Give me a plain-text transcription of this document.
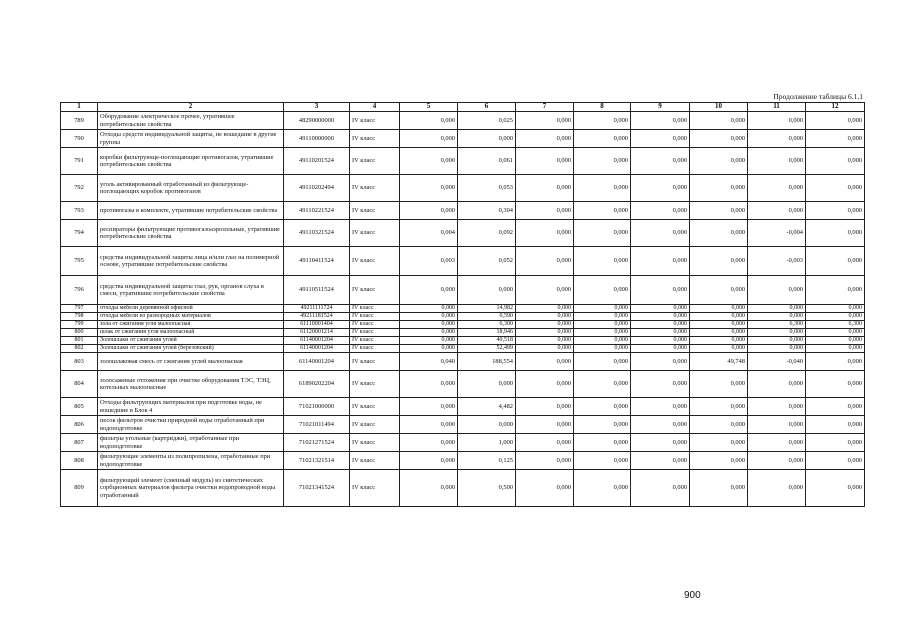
Продолжение таблицы 6.1.1
1	2	3	4	5	6	7	8	9	10	11	12
789	Оборудование электрическое прочее, утратившее потребительские свойства	48290000000	IV класс	0,000	0,025	0,000	0,000	0,000	0,000	0,000	0,000
790	Отходы средств индивидуальной защиты, не вошедшие в другие группы	49110000000	IV класс	0,000	0,000	0,000	0,000	0,000	0,000	0,000	0,000
791	коробки фильтрующе-поглощающие противогазов, утратившие потребительские свойства	49110201524	IV класс	0,000	0,061	0,000	0,000	0,000	0,000	0,000	0,000
792	уголь активированный отработанный из фильтрующе-поглощающих коробок противогазов	49110202494	IV класс	0,000	0,053	0,000	0,000	0,000	0,000	0,000	0,000
793	противогазы в комплекте, утратившие потребительские свойства	49110221524	IV класс	0,000	0,304	0,000	0,000	0,000	0,000	0,000	0,000
794	респираторы фильтрующие противогазоаэрозольные, утратившие потребительские свойства	49110321524	IV класс	0,004	0,092	0,000	0,000	0,000	0,000	-0,004	0,000
795	средства индивидуальной защиты лица и/или глаз на полимерной основе, утратившие потребительские свойства	49110411524	IV класс	0,003	0,052	0,000	0,000	0,000	0,000	-0,003	0,000
796	средства индивидуальной защиты глаз, рук, органов слуха в смеси, утратившие потребительские свойства	49110511524	IV класс	0,000	0,000	0,000	0,000	0,000	0,000	0,000	0,000
797	отходы мебели деревянной офисной	49211111724	IV класс	0,000	14,982	0,000	0,000	0,000	0,000	0,000	0,000
798	отходы мебели из разнородных материалов	49211181524	IV класс	0,000	0,590	0,000	0,000	0,000	0,000	0,000	0,000
799	зола от сжигания угля малоопасная	61110001404	IV класс	0,000	6,300	0,000	0,000	0,000	0,000	6,300	6,300
800	шлак от сжигания угля малоопасный	61120001214	IV класс	0,000	18,946	0,000	0,000	0,000	0,000	0,000	0,000
801	Золошлаки от сжигания углей	61140001204	IV класс	0,000	40,518	0,000	0,000	0,000	0,000	0,000	0,000
802	Золошлаки от сжигания углей (березовский)	61140001204	IV класс	0,000	52,499	0,000	0,000	0,000	0,000	0,000	0,000
803	золошлаковая смесь от сжигания углей малоопасная	61140001204	IV класс	0,040	188,554	0,000	0,000	0,000	49,748	-0,040	0,000
804	золосажевые отложения при очистке оборудования ТЭС, ТЭЦ, котельных малоопасные	61890202204	IV класс	0,000	0,000	0,000	0,000	0,000	0,000	0,000	0,000
805	Отходы фильтрующих материалов при подготовке воды, не вошедшие в Блок 4	71021000000	IV класс	0,000	4,482	0,000	0,000	0,000	0,000	0,000	0,000
806	песок фильтров очистки природной воды отработанный при водоподготовке	71021011494	IV класс	0,000	0,000	0,000	0,000	0,000	0,000	0,000	0,000
807	фильтры угольные (картриджи), отработанные при водоподготовке	71021271524	IV класс	0,000	1,000	0,000	0,000	0,000	0,000	0,000	0,000
808	фильтрующие элементы из полипропилена, отработанные при водоподготовке	71021321514	IV класс	0,000	0,125	0,000	0,000	0,000	0,000	0,000	0,000
809	фильтрующий элемент (сменный модуль) из синтетических сорбционных материалов фильтра очистки водопроводной воды отработанный	71021341524	IV класс	0,000	0,500	0,000	0,000	0,000	0,000	0,000	0,000
900
